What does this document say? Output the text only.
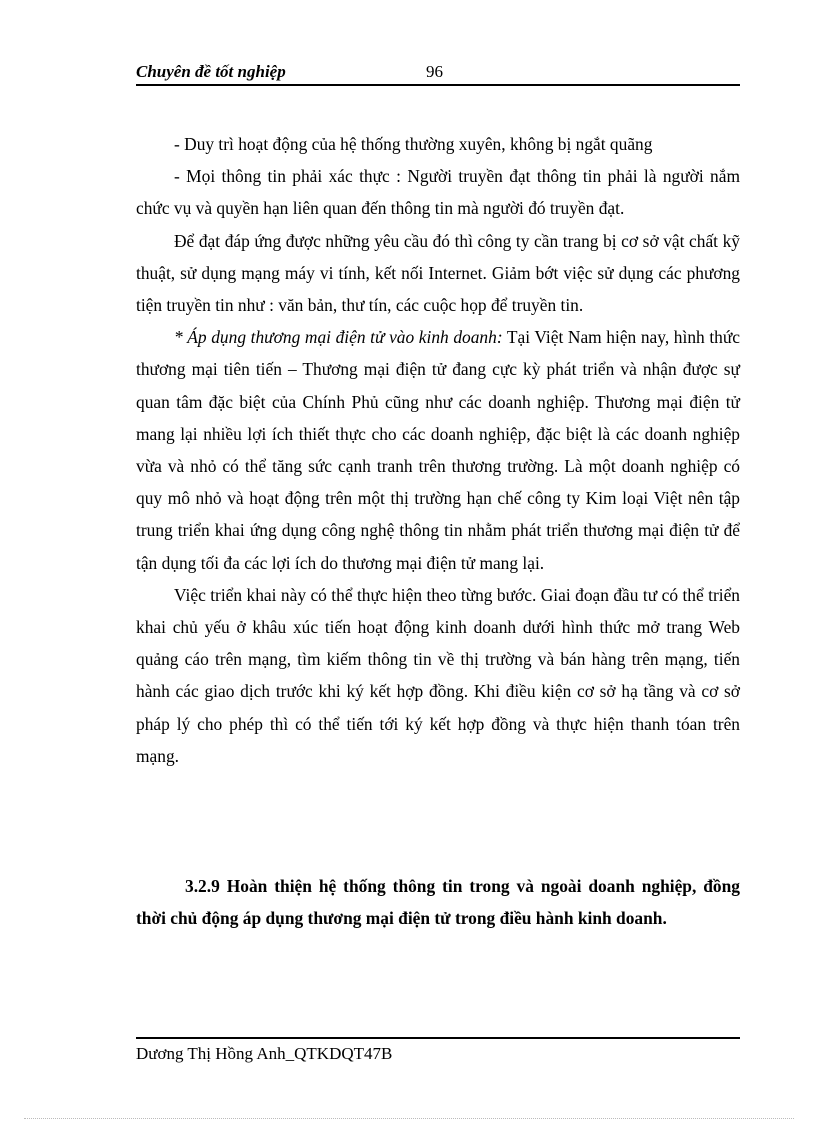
Chuyên đề tốt nghiệp	96

- Duy trì hoạt động của hệ thống thường xuyên, không bị ngắt quãng

- Mọi thông tin phải xác thực : Người truyền đạt thông tin phải là người nắm chức vụ và quyền hạn liên quan đến thông tin mà người đó truyền đạt.

Để đạt đáp ứng được những yêu cầu đó thì công ty cần trang bị cơ sở vật chất kỹ thuật, sử dụng mạng máy vi tính, kết nối Internet. Giảm bớt việc sử dụng các phương tiện truyền tin như : văn bản, thư tín, các cuộc họp để truyền tin.

* Áp dụng thương mại điện tử vào kinh doanh: Tại Việt Nam hiện nay, hình thức thương mại tiên tiến – Thương mại điện tử đang cực kỳ phát triển và nhận được sự quan tâm đặc biệt của Chính Phủ cũng như các doanh nghiệp. Thương mại điện tử mang lại nhiều lợi ích thiết thực cho các doanh nghiệp, đặc biệt là các doanh nghiệp vừa và nhỏ có thể tăng sức cạnh tranh trên thương trường. Là một doanh nghiệp có quy mô nhỏ và hoạt động trên một thị trường hạn chế công ty Kim loại Việt nên tập trung triển khai ứng dụng công nghệ thông tin nhằm phát triển thương mại điện tử để tận dụng tối đa các lợi ích do thương mại điện tử mang lại.

Việc triển khai này có thể thực hiện theo từng bước. Giai đoạn đầu tư có thể triển khai chủ yếu ở khâu xúc tiến hoạt động kinh doanh dưới hình thức mở trang Web quảng cáo trên mạng, tìm kiếm thông tin về thị trường và bán hàng trên mạng, tiến hành các giao dịch trước khi ký kết hợp đồng. Khi điều kiện cơ sở hạ tầng và cơ sở pháp lý cho phép thì có thể tiến tới ký kết hợp đồng và thực hiện thanh tóan trên mạng.

3.2.9 Hoàn thiện hệ thống thông tin trong và ngoài doanh nghiệp, đồng thời chủ động áp dụng thương mại điện tử trong điều hành kinh doanh.
Dương Thị Hồng Anh_QTKDQT47B
